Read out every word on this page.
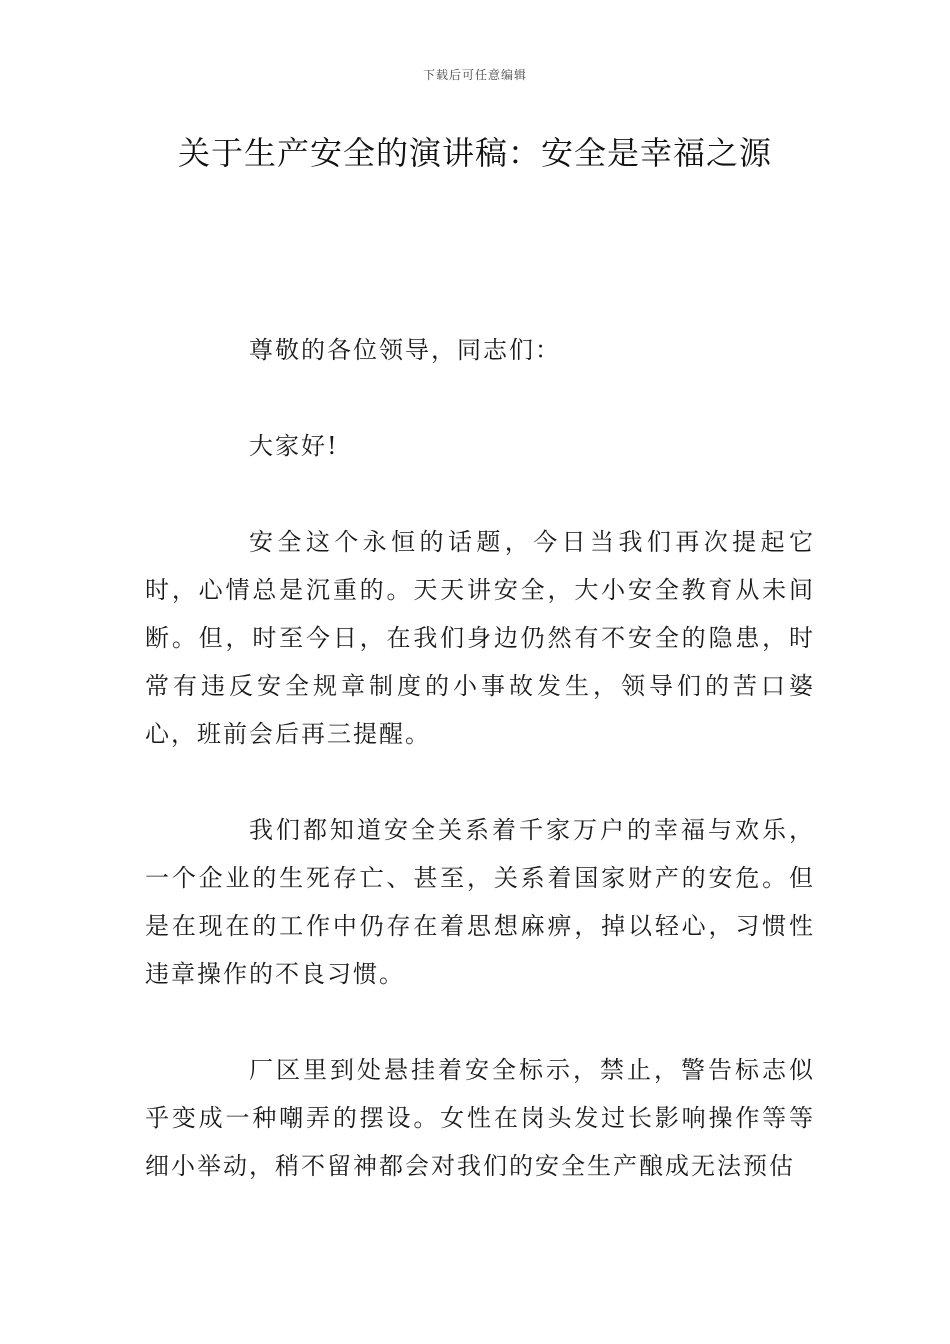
下载后可任意编辑
关于生产安全的演讲稿：安全是幸福之源

尊敬的各位领导，同志们：

大家好!

安全这个永恒的话题，今日当我们再次提起它时，心情总是沉重的。天天讲安全，大小安全教育从未间断。但，时至今日，在我们身边仍然有不安全的隐患，时常有违反安全规章制度的小事故发生，领导们的苦口婆心，班前会后再三提醒。

我们都知道安全关系着千家万户的幸福与欢乐，一个企业的生死存亡、甚至，关系着国家财产的安危。但是在现在的工作中仍存在着思想麻痹，掉以轻心，习惯性违章操作的不良习惯。

厂区里到处悬挂着安全标示，禁止，警告标志似乎变成一种嘲弄的摆设。女性在岗头发过长影响操作等等细小举动，稍不留神都会对我们的安全生产酿成无法预估
